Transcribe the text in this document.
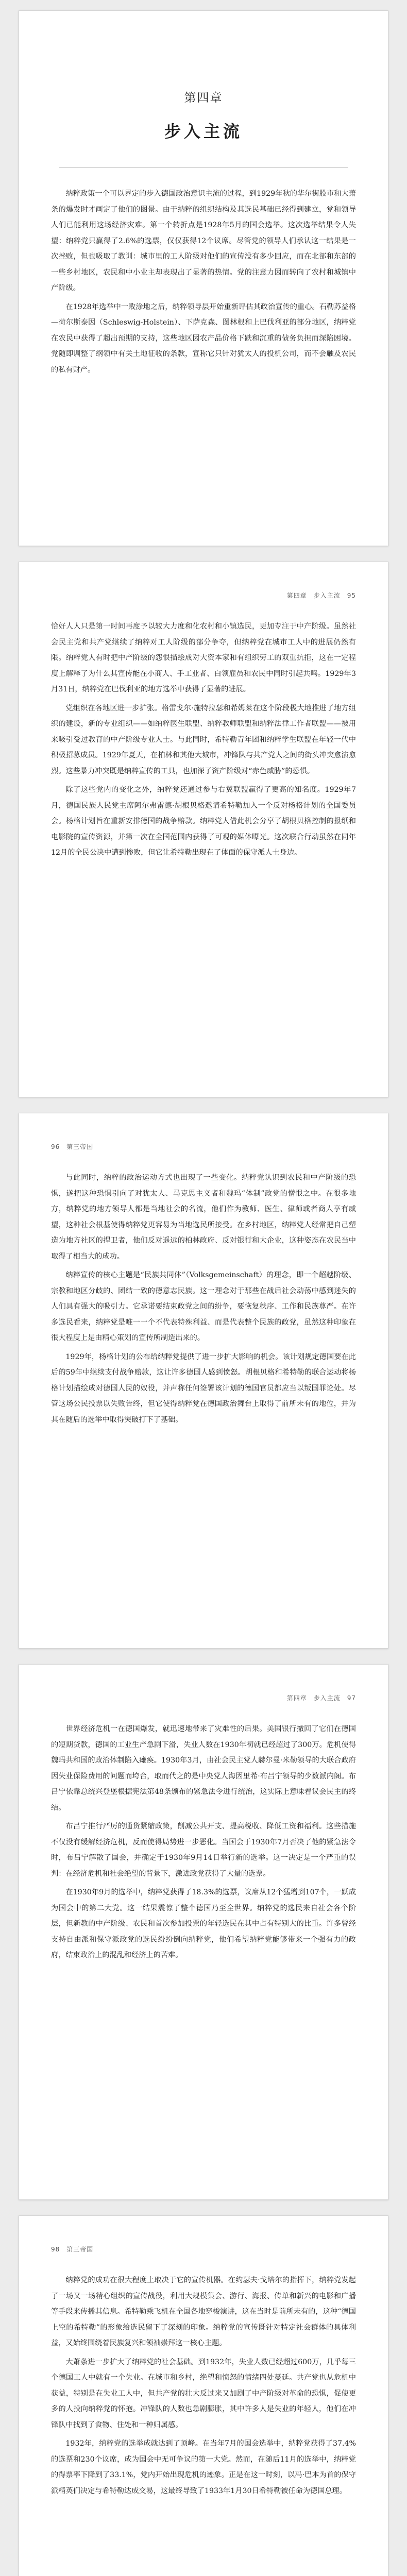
第四章
步入主流

纳粹政策一个可以界定的步入德国政治意识主流的过程，到1929年秋的华尔街股市和大萧条的爆发时才画定了他们的图景。由于纳粹的组织结构及其选民基础已经得到建立，党和领导人们已能利用这场经济灾难。第一个转折点是1928年5月的国会选举。这次选举结果令人失望：纳粹党只赢得了2.6%的选票，仅仅获得12个议席。尽管党的领导人们承认这一结果是一次挫败，但也吸取了教训：城市里的工人阶级对他们的宣传没有多少回应，而在北部和东部的一些乡村地区，农民和中小业主却表现出了显著的热情。党的注意力因而转向了农村和城镇中产阶级。

在1928年选举中一败涂地之后，纳粹领导层开始重新评估其政治宣传的重心。石勒苏益格—荷尔斯泰因（Schleswig-Holstein）、下萨克森、图林根和上巴伐利亚的部分地区，纳粹党在农民中获得了超出预期的支持，这些地区因农产品价格下跌和沉重的债务负担而深陷困境。党随即调整了纲领中有关土地征收的条款，宣称它只针对犹太人的投机公司，而不会触及农民的私有财产。

第四章　步入主流　95

恰好人人只是第一时间再度予以较大力度和化农村和小镇选民，更加专注于中产阶级。虽然社会民主党和共产党继续了纳粹对工人阶级的部分争夺，但纳粹党在城市工人中的进展仍然有限。纳粹党人有时把中产阶级的怨恨描绘成对大资本家和有组织劳工的双重抗拒，这在一定程度上解释了为什么其宣传能在小商人、手工业者、白领雇员和农民中同时引起共鸣。1929年3月31日，纳粹党在巴伐利亚的地方选举中获得了显著的进展。

党组织在各地区进一步扩张。格雷戈尔·施特拉瑟和希姆莱在这个阶段极大地推进了地方组织的建设，新的专业组织——如纳粹医生联盟、纳粹教师联盟和纳粹法律工作者联盟——被用来吸引受过教育的中产阶级专业人士。与此同时，希特勒青年团和纳粹学生联盟在年轻一代中积极招募成员。1929年夏天，在柏林和其他大城市，冲锋队与共产党人之间的街头冲突愈演愈烈。这些暴力冲突既是纳粹宣传的工具，也加深了资产阶级对“赤色威胁”的恐惧。

除了这些党内的变化之外，纳粹党还通过参与右翼联盟赢得了更高的知名度。1929年7月，德国民族人民党主席阿尔弗雷德·胡根贝格邀请希特勒加入一个反对杨格计划的全国委员会。杨格计划旨在重新安排德国的战争赔款。纳粹党人借此机会分享了胡根贝格控制的报纸和电影院的宣传资源，并第一次在全国范围内获得了可观的媒体曝光。这次联合行动虽然在同年12月的全民公决中遭到惨败，但它让希特勒出现在了体面的保守派人士身边。

96　第三帝国

与此同时，纳粹的政治运动方式也出现了一些变化。纳粹党认识到农民和中产阶级的恐惧，遂把这种恐惧引向了对犹太人、马克思主义者和魏玛“体制”政党的憎恨之中。在很多地方，纳粹党的地方领导人都是当地社会的名流，他们作为教师、医生、律师或者商人享有威望，这种社会根基使得纳粹党更容易为当地选民所接受。在乡村地区，纳粹党人经常把自己塑造为地方社区的捍卫者，他们反对遥远的柏林政府、反对银行和大企业，这种姿态在农民当中取得了相当大的成功。

纳粹宣传的核心主题是“民族共同体”（Volksgemeinschaft）的理念，即一个超越阶级、宗教和地区分歧的、团结一致的德意志民族。这一理念对于那些在战后社会动荡中感到迷失的人们具有强大的吸引力。它承诺要结束政党之间的纷争，要恢复秩序、工作和民族尊严。在许多选民看来，纳粹党是唯一一个不代表特殊利益、而是代表整个民族的政党，虽然这种印象在很大程度上是由精心策划的宣传所制造出来的。

1929年，杨格计划的公布给纳粹党提供了进一步扩大影响的机会。该计划规定德国要在此后的59年中继续支付战争赔款，这让许多德国人感到愤怒。胡根贝格和希特勒的联合运动将杨格计划描绘成对德国人民的奴役，并声称任何签署该计划的德国官员都应当以叛国罪论处。尽管这场公民投票以失败告终，但它使得纳粹党在德国政治舞台上取得了前所未有的地位，并为其在随后的选举中取得突破打下了基础。

第四章　步入主流　97

世界经济危机一在德国爆发，就迅速地带来了灾难性的后果。美国银行撤回了它们在德国的短期贷款，德国的工业生产急剧下滑，失业人数在1930年初就已经超过了300万。危机使得魏玛共和国的政治体制陷入瘫痪。1930年3月，由社会民主党人赫尔曼·米勒领导的大联合政府因失业保险费用的问题而垮台，取而代之的是中央党人海因里希·布吕宁领导的少数派内阁。布吕宁依靠总统兴登堡根据宪法第48条颁布的紧急法令进行统治，这实际上意味着议会民主的终结。

布吕宁推行严厉的通货紧缩政策，削减公共开支、提高税收、降低工资和福利。这些措施不仅没有缓解经济危机，反而使得局势进一步恶化。当国会于1930年7月否决了他的紧急法令时，布吕宁解散了国会，并确定于1930年9月14日举行新的选举。这一决定是一个严重的误判：在经济危机和社会绝望的背景下，激进政党获得了大量的选票。

在1930年9月的选举中，纳粹党获得了18.3%的选票，议席从12个猛增到107个，一跃成为国会中的第二大党。这一结果震惊了整个德国乃至全世界。纳粹党的选民来自社会各个阶层，但新教的中产阶级、农民和首次参加投票的年轻选民在其中占有特别大的比重。许多曾经支持自由派和保守派政党的选民纷纷倒向纳粹党，他们希望纳粹党能够带来一个强有力的政府，结束政治上的混乱和经济上的苦难。

98　第三帝国

纳粹党的成功在很大程度上取决于它的宣传机器。在约瑟夫·戈培尔的指挥下，纳粹党发起了一场又一场精心组织的宣传战役，利用大规模集会、游行、海报、传单和新兴的电影和广播等手段来传播其信息。希特勒乘飞机在全国各地穿梭演讲，这在当时是前所未有的，这种“德国上空的希特勒”的形象给选民留下了深刻的印象。纳粹党的宣传既针对特定社会群体的具体利益，又始终围绕着民族复兴和领袖崇拜这一核心主题。

大萧条进一步扩大了纳粹党的社会基础。到1932年，失业人数已经超过600万，几乎每三个德国工人中就有一个失业。在城市和乡村，绝望和愤怒的情绪四处蔓延。共产党也从危机中获益，特别是在失业工人中，但共产党的壮大反过来又加剧了中产阶级对革命的恐惧，促使更多的人投向纳粹党的怀抱。冲锋队的人数也急剧膨胀，其中许多人是失业的年轻人，他们在冲锋队中找到了食物、住处和一种归属感。

1932年，纳粹党的选举成就达到了顶峰。在当年7月的国会选举中，纳粹党获得了37.4%的选票和230个议席，成为国会中无可争议的第一大党。然而，在随后11月的选举中，纳粹党的得票率下降到了33.1%，党内开始出现危机的迹象。正是在这一时刻，以冯·巴本为首的保守派精英们决定与希特勒达成交易，这最终导致了1933年1月30日希特勒被任命为德国总理。
